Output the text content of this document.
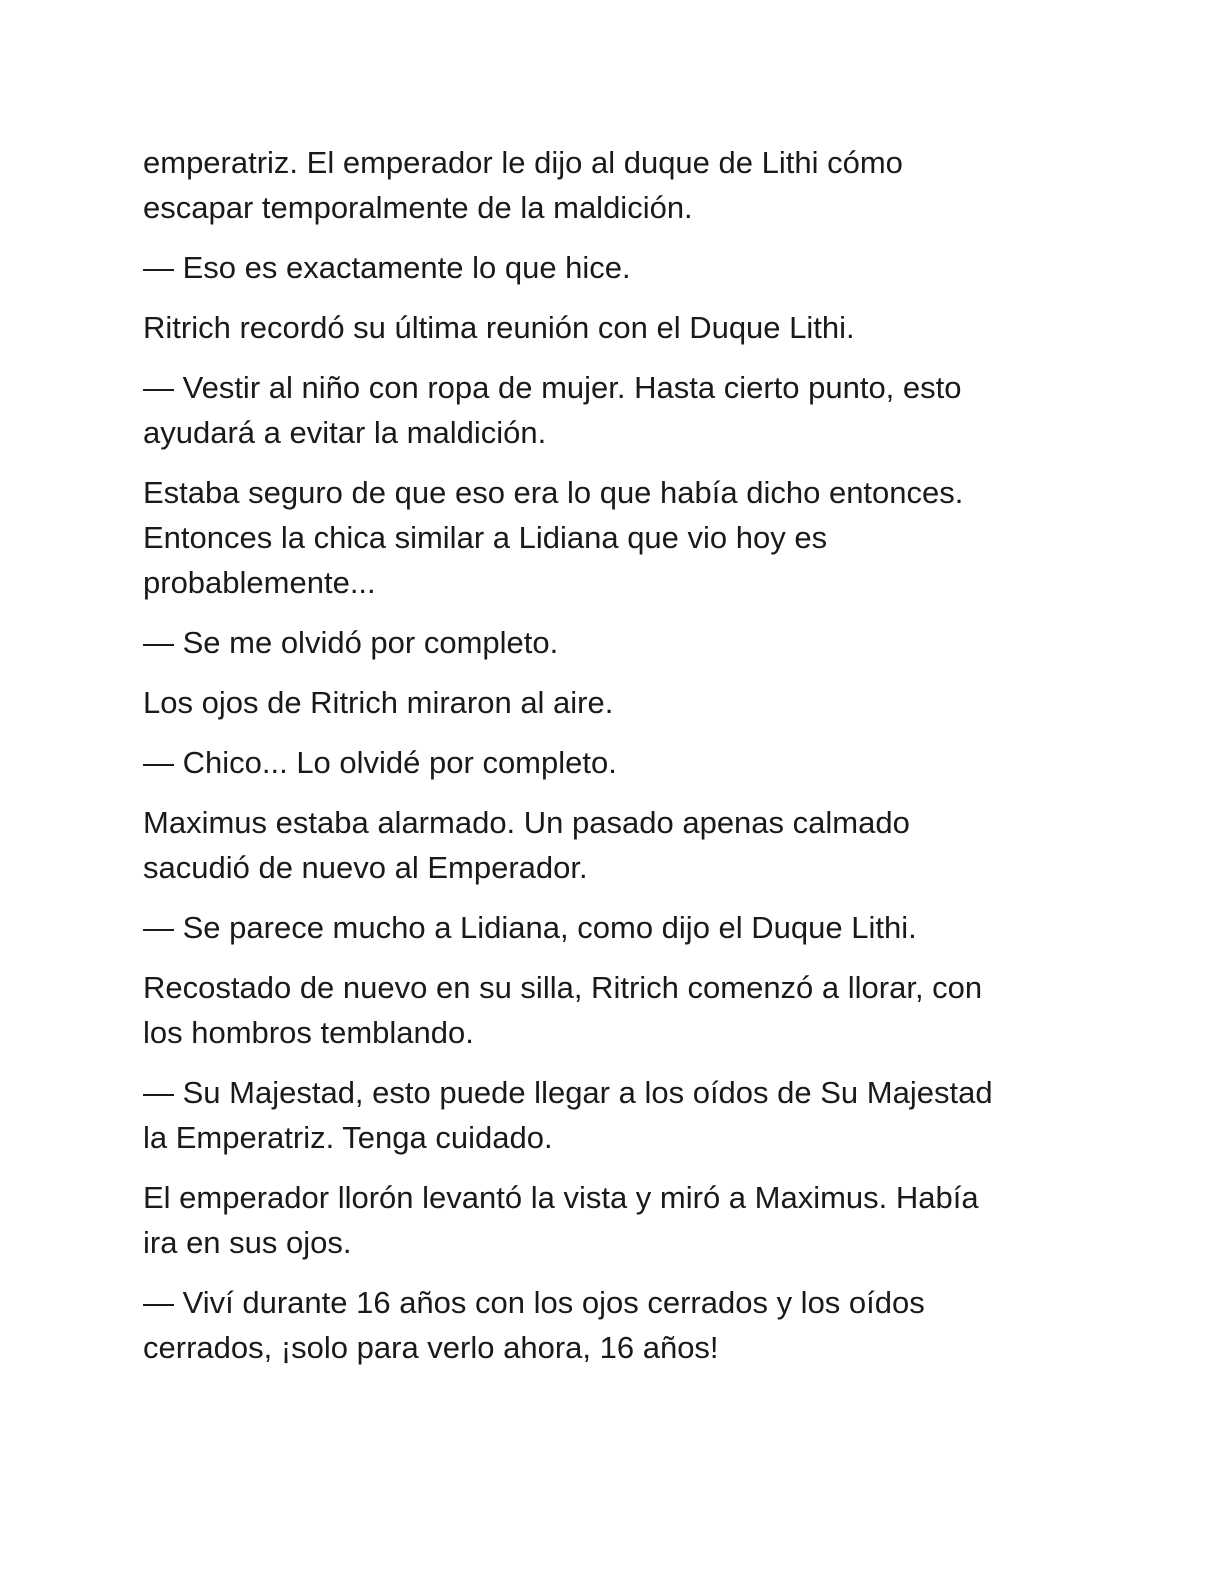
emperatriz. El emperador le dijo al duque de Lithi cómo
escapar temporalmente de la maldición.

— Eso es exactamente lo que hice.

Ritrich recordó su última reunión con el Duque Lithi.

— Vestir al niño con ropa de mujer. Hasta cierto punto, esto
ayudará a evitar la maldición.

Estaba seguro de que eso era lo que había dicho entonces.
Entonces la chica similar a Lidiana que vio hoy es
probablemente...

— Se me olvidó por completo.

Los ojos de Ritrich miraron al aire.

— Chico... Lo olvidé por completo.

Maximus estaba alarmado. Un pasado apenas calmado
sacudió de nuevo al Emperador.

— Se parece mucho a Lidiana, como dijo el Duque Lithi.

Recostado de nuevo en su silla, Ritrich comenzó a llorar, con
los hombros temblando.

— Su Majestad, esto puede llegar a los oídos de Su Majestad
la Emperatriz. Tenga cuidado.

El emperador llorón levantó la vista y miró a Maximus. Había
ira en sus ojos.

— Viví durante 16 años con los ojos cerrados y los oídos
cerrados, ¡solo para verlo ahora, 16 años!
